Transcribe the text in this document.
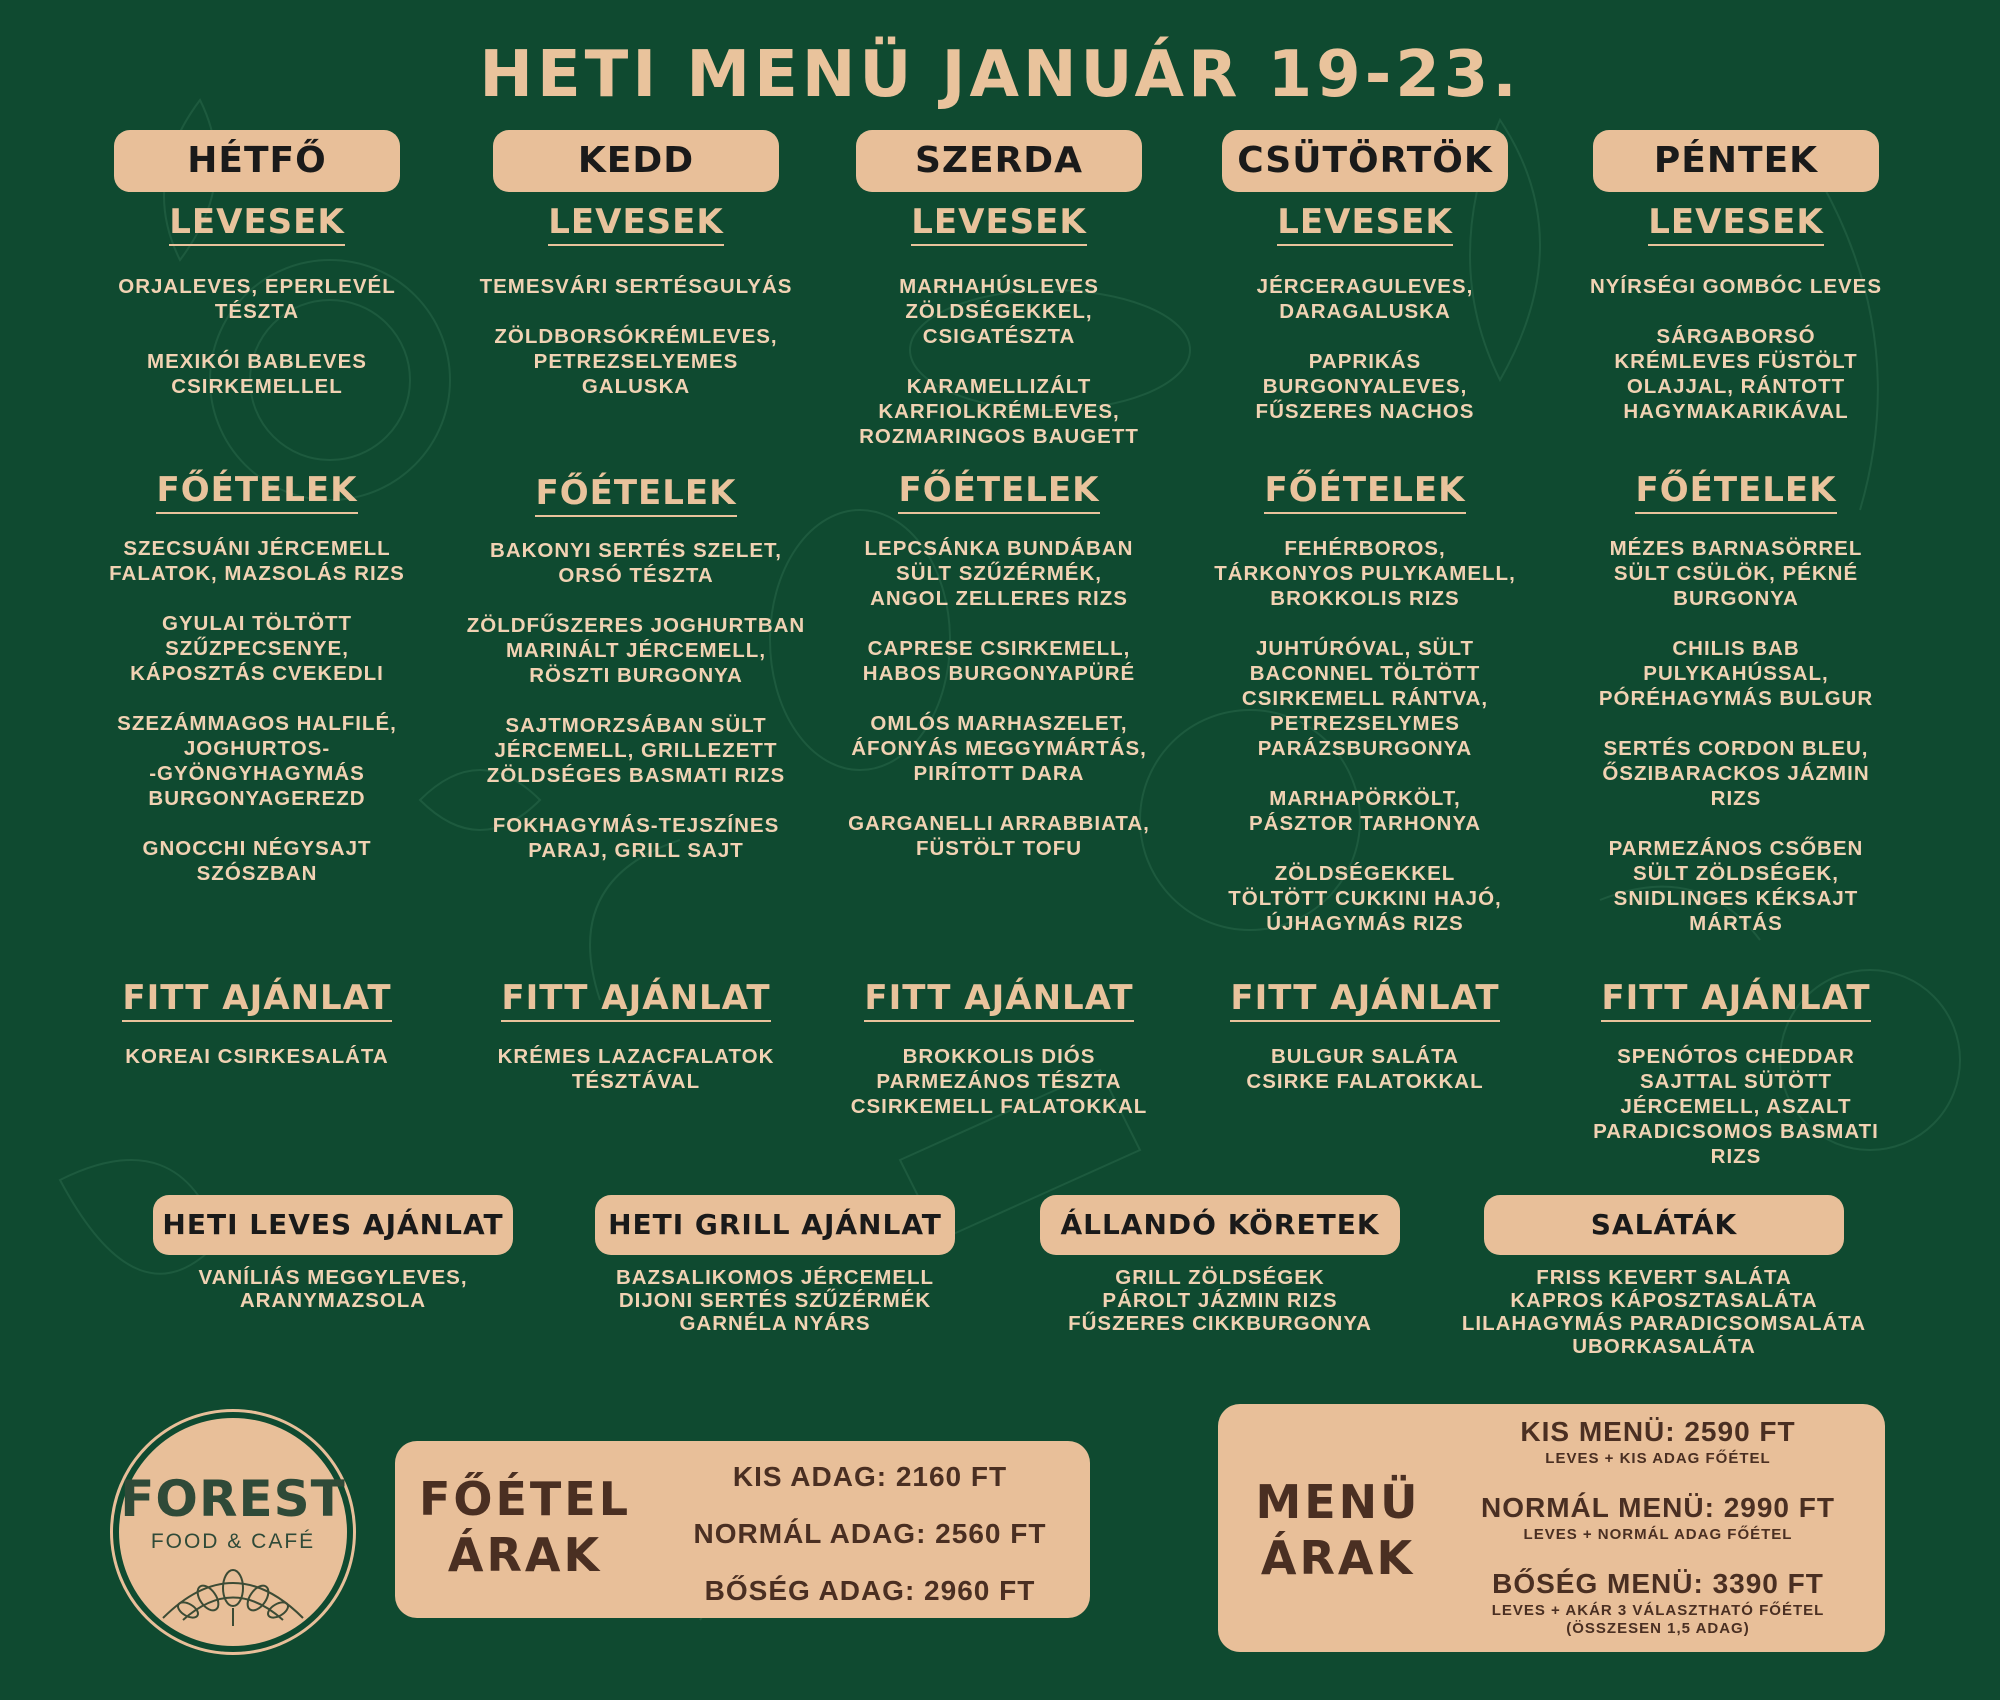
HETI MENÜ JANUÁR 19-23.
HÉTFŐ
LEVESEK
ORJALEVES, EPERLEVÉL
TÉSZTA
MEXIKÓI BABLEVES
CSIRKEMELLEL
FŐÉTELEK
SZECSUÁNI JÉRCEMELL
FALATOK, MAZSOLÁS RIZS
GYULAI TÖLTÖTT
SZŰZPECSENYE,
KÁPOSZTÁS CVEKEDLI
SZEZÁMMAGOS HALFILÉ,
JOGHURTOS-
-GYÖNGYHAGYMÁS
BURGONYAGEREZD
GNOCCHI NÉGYSAJT
SZÓSZBAN
FITT AJÁNLAT
KOREAI CSIRKESALÁTA
KEDD
LEVESEK
TEMESVÁRI SERTÉSGULYÁS
ZÖLDBORSÓKRÉMLEVES,
PETREZSELYEMES
GALUSKA
FŐÉTELEK
BAKONYI SERTÉS SZELET,
ORSÓ TÉSZTA
ZÖLDFŰSZERES JOGHURTBAN
MARINÁLT JÉRCEMELL,
RÖSZTI BURGONYA
SAJTMORZSÁBAN SÜLT
JÉRCEMELL, GRILLEZETT
ZÖLDSÉGES BASMATI RIZS
FOKHAGYMÁS-TEJSZÍNES
PARAJ, GRILL SAJT
FITT AJÁNLAT
KRÉMES LAZACFALATOK
TÉSZTÁVAL
SZERDA
LEVESEK
MARHAHÚSLEVES
ZÖLDSÉGEKKEL,
CSIGATÉSZTA
KARAMELLIZÁLT
KARFIOLKRÉMLEVES,
ROZMARINGOS BAUGETT
FŐÉTELEK
LEPCSÁNKA BUNDÁBAN
SÜLT SZŰZÉRMÉK,
ANGOL ZELLERES RIZS
CAPRESE CSIRKEMELL,
HABOS BURGONYAPÜRÉ
OMLÓS MARHASZELET,
ÁFONYÁS MEGGYMÁRTÁS,
PIRÍTOTT DARA
GARGANELLI ARRABBIATA,
FÜSTÖLT TOFU
FITT AJÁNLAT
BROKKOLIS DIÓS
PARMEZÁNOS TÉSZTA
CSIRKEMELL FALATOKKAL
CSÜTÖRTÖK
LEVESEK
JÉRCERAGULEVES,
DARAGALUSKA
PAPRIKÁS
BURGONYALEVES,
FŰSZERES NACHOS
FŐÉTELEK
FEHÉRBOROS,
TÁRKONYOS PULYKAMELL,
BROKKOLIS RIZS
JUHTÚRÓVAL, SÜLT
BACONNEL TÖLTÖTT
CSIRKEMELL RÁNTVA,
PETREZSELYMES
PARÁZSBURGONYA
MARHAPÖRKÖLT,
PÁSZTOR TARHONYA
ZÖLDSÉGEKKEL
TÖLTÖTT CUKKINI HAJÓ,
ÚJHAGYMÁS RIZS
FITT AJÁNLAT
BULGUR SALÁTA
CSIRKE FALATOKKAL
PÉNTEK
LEVESEK
NYÍRSÉGI GOMBÓC LEVES
SÁRGABORSÓ
KRÉMLEVES FÜSTÖLT
OLAJJAL, RÁNTOTT
HAGYMAKARIKÁVAL
FŐÉTELEK
MÉZES BARNASÖRREL
SÜLT CSÜLÖK, PÉKNÉ
BURGONYA
CHILIS BAB
PULYKAHÚSSAL,
PÓRÉHAGYMÁS BULGUR
SERTÉS CORDON BLEU,
ŐSZIBARACKOS JÁZMIN
RIZS
PARMEZÁNOS CSŐBEN
SÜLT ZÖLDSÉGEK,
SNIDLINGES KÉKSAJT
MÁRTÁS
FITT AJÁNLAT
SPENÓTOS CHEDDAR
SAJTTAL SÜTÖTT
JÉRCEMELL, ASZALT
PARADICSOMOS BASMATI
RIZS
HETI LEVES AJÁNLAT
VANÍLIÁS MEGGYLEVES,
ARANYMAZSOLA
HETI GRILL AJÁNLAT
BAZSALIKOMOS JÉRCEMELL
DIJONI SERTÉS SZŰZÉRMÉK
GARNÉLA NYÁRS
ÁLLANDÓ KÖRETEK
GRILL ZÖLDSÉGEK
PÁROLT JÁZMIN RIZS
FŰSZERES CIKKBURGONYA
SALÁTÁK
FRISS KEVERT SALÁTA
KAPROS KÁPOSZTASALÁTA
LILAHAGYMÁS PARADICSOMSALÁTA
UBORKASALÁTA
FOREST
FOOD & CAFÉ
FŐÉTEL
ÁRAK
KIS ADAG: 2160 FT
NORMÁL ADAG: 2560 FT
BŐSÉG ADAG: 2960 FT
MENÜ
ÁRAK
KIS MENÜ: 2590 FT
LEVES + KIS ADAG FŐÉTEL
NORMÁL MENÜ: 2990 FT
LEVES + NORMÁL ADAG FŐÉTEL
BŐSÉG MENÜ: 3390 FT
LEVES + AKÁR 3 VÁLASZTHATÓ FŐÉTEL
(ÖSSZESEN 1,5 ADAG)
